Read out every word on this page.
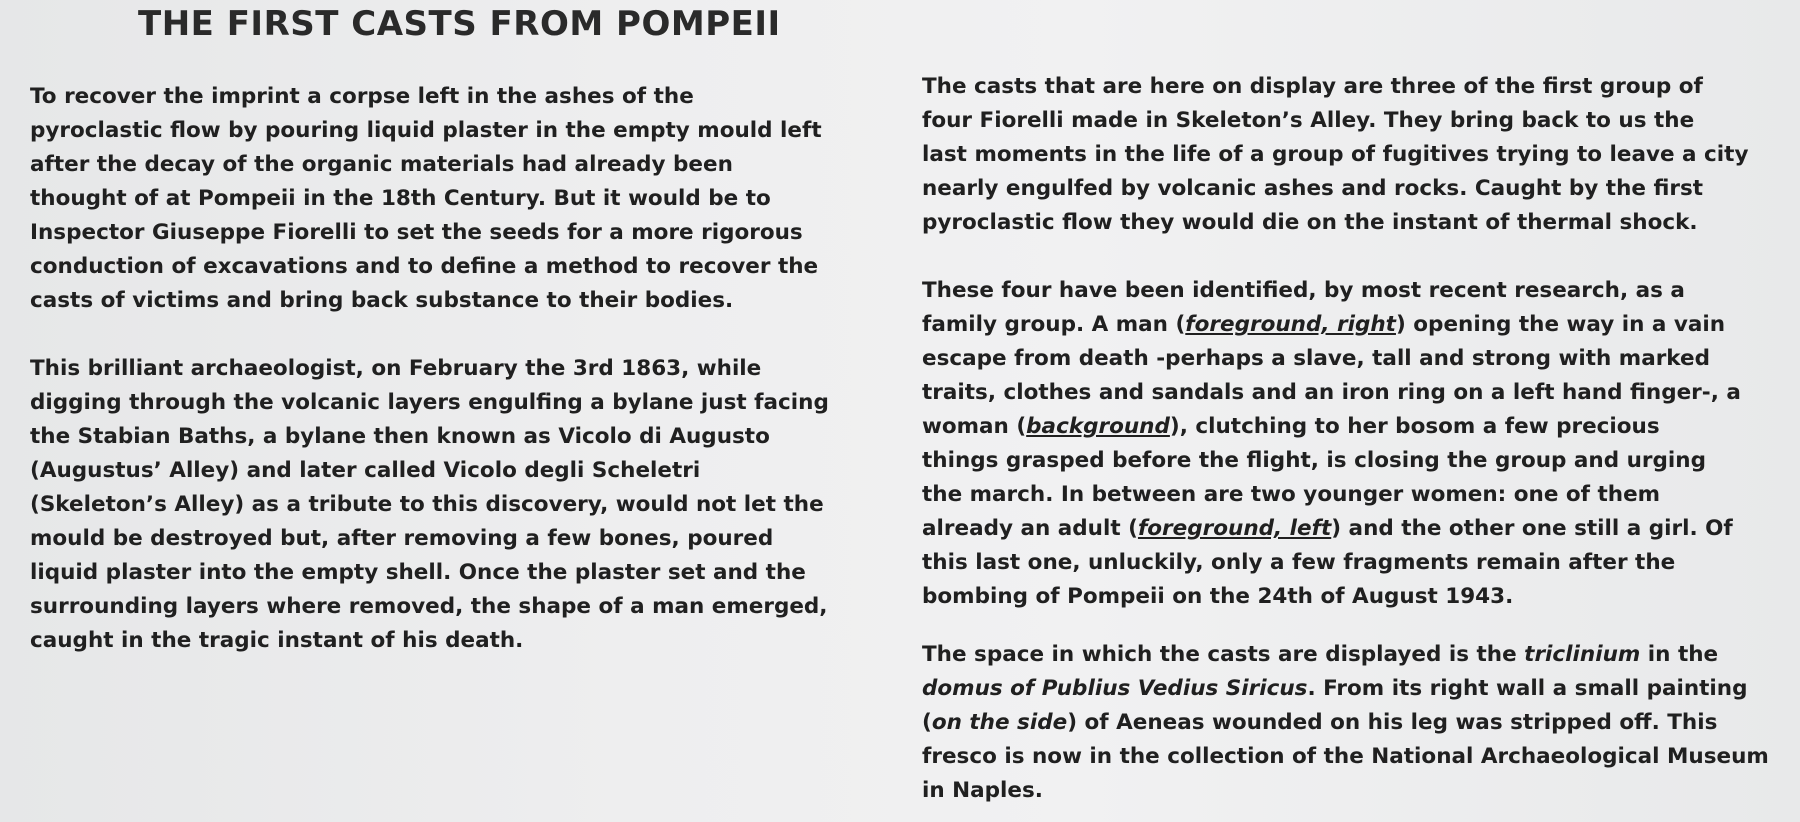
THE FIRST CASTS FROM POMPEII

To recover the imprint a corpse left in the ashes of the
pyroclastic flow by pouring liquid plaster in the empty mould left
after the decay of the organic materials had already been
thought of at Pompeii in the 18th Century. But it would be to
Inspector Giuseppe Fiorelli to set the seeds for a more rigorous
conduction of excavations and to define a method to recover the
casts of victims and bring back substance to their bodies.

This brilliant archaeologist, on February the 3rd 1863, while
digging through the volcanic layers engulfing a bylane just facing
the Stabian Baths, a bylane then known as Vicolo di Augusto
(Augustus’ Alley) and later called Vicolo degli Scheletri
(Skeleton’s Alley) as a tribute to this discovery, would not let the
mould be destroyed but, after removing a few bones, poured
liquid plaster into the empty shell. Once the plaster set and the
surrounding layers where removed, the shape of a man emerged,
caught in the tragic instant of his death.

The casts that are here on display are three of the first group of
four Fiorelli made in Skeleton’s Alley. They bring back to us the
last moments in the life of a group of fugitives trying to leave a city
nearly engulfed by volcanic ashes and rocks. Caught by the first
pyroclastic flow they would die on the instant of thermal shock.

These four have been identified, by most recent research, as a
family group. A man (foreground, right) opening the way in a vain
escape from death -perhaps a slave, tall and strong with marked
traits, clothes and sandals and an iron ring on a left hand finger-, a
woman (background), clutching to her bosom a few precious
things grasped before the flight, is closing the group and urging
the march. In between are two younger women: one of them
already an adult (foreground, left) and the other one still a girl. Of
this last one, unluckily, only a few fragments remain after the
bombing of Pompeii on the 24th of August 1943.

The space in which the casts are displayed is the triclinium in the
domus of Publius Vedius Siricus. From its right wall a small painting
(on the side) of Aeneas wounded on his leg was stripped off. This
fresco is now in the collection of the National Archaeological Museum
in Naples.
